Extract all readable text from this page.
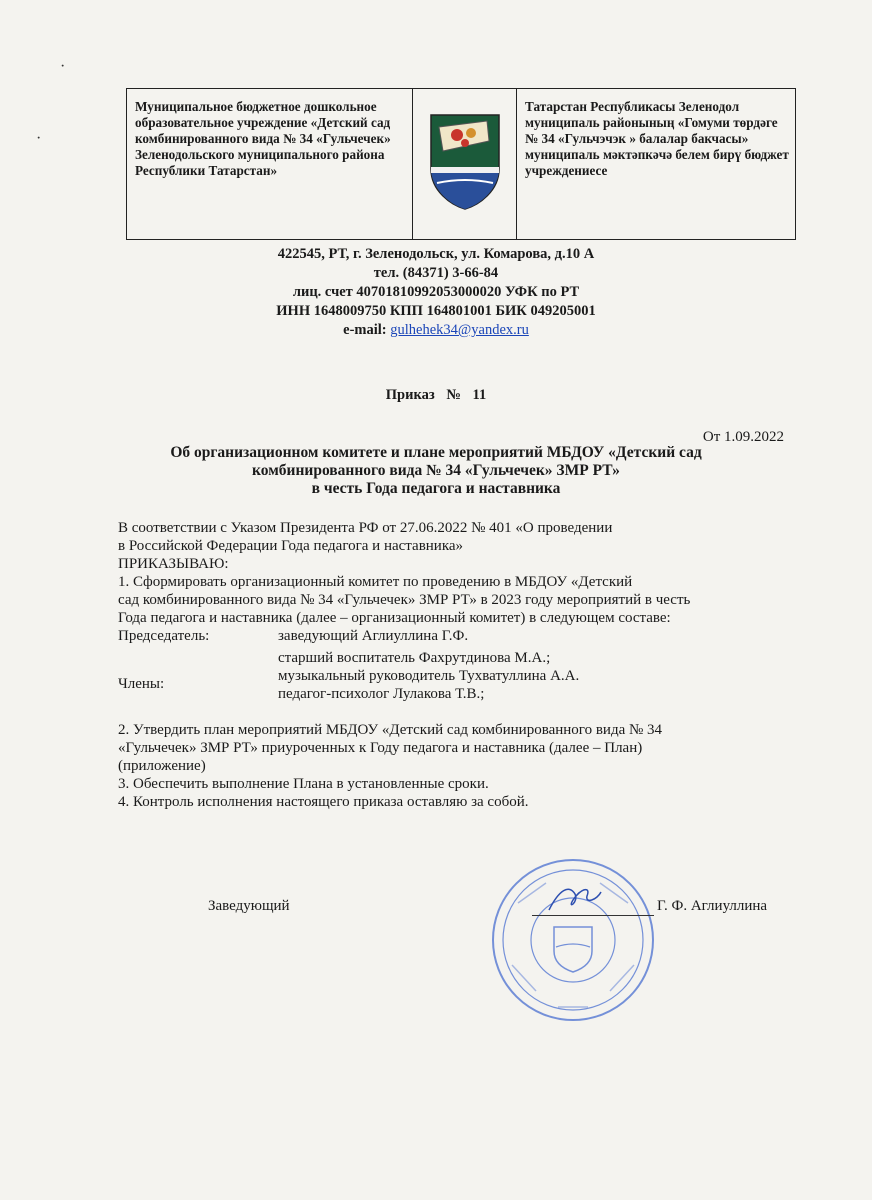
·
·
Муниципальное бюджетное дошкольное образовательное учреждение «Детский сад комбинированного вида № 34 «Гульчечек» Зеленодольского муниципального района Республики Татарстан»
Татарстан Республикасы Зеленодол муниципаль районының «Гомуми төрдәге № 34 «Гульчэчэк » балалар бакчасы» муниципаль мәктәпкәчә белем бирү бюджет учреждениесе
422545, РТ, г. Зеленодольск, ул. Комарова, д.10 А
тел. (84371) 3-66-84
лиц. счет 40701810992053000020 УФК по РТ
ИНН 1648009750 КПП 164801001 БИК 049205001
e-mail: gulhehek34@yandex.ru
Приказ № 11
От 1.09.2022
Об организационном комитете и плане мероприятий МБДОУ «Детский сад
комбинированного вида № 34 «Гульчечек» ЗМР РТ»
в честь Года педагога и наставника

В соответствии с Указом Президента РФ от 27.06.2022 № 401 «О проведении

в Российской Федерации Года педагога и наставника»

ПРИКАЗЫВАЮ:

1. Сформировать организационный комитет по проведению в МБДОУ «Детский

сад комбинированного вида № 34 «Гульчечек» ЗМР РТ» в 2023 году мероприятий в честь

Года педагога и наставника (далее – организационный комитет) в следующем составе:

Председатель:	заведующий Аглиуллина Г.Ф.
старший воспитатель Фахрутдинова М.А.;
Члены:	музыкальный руководитель Тухватуллина А.А.
педагог-психолог Лулакова Т.В.;

2. Утвердить план мероприятий МБДОУ «Детский сад комбинированного вида № 34

«Гульчечек» ЗМР РТ» приуроченных к Году педагога и наставника (далее – План)

(приложение)

3. Обеспечить выполнение Плана в установленные сроки.

4. Контроль исполнения настоящего приказа оставляю за собой.

Заведующий	Г. Ф. Аглиуллина
